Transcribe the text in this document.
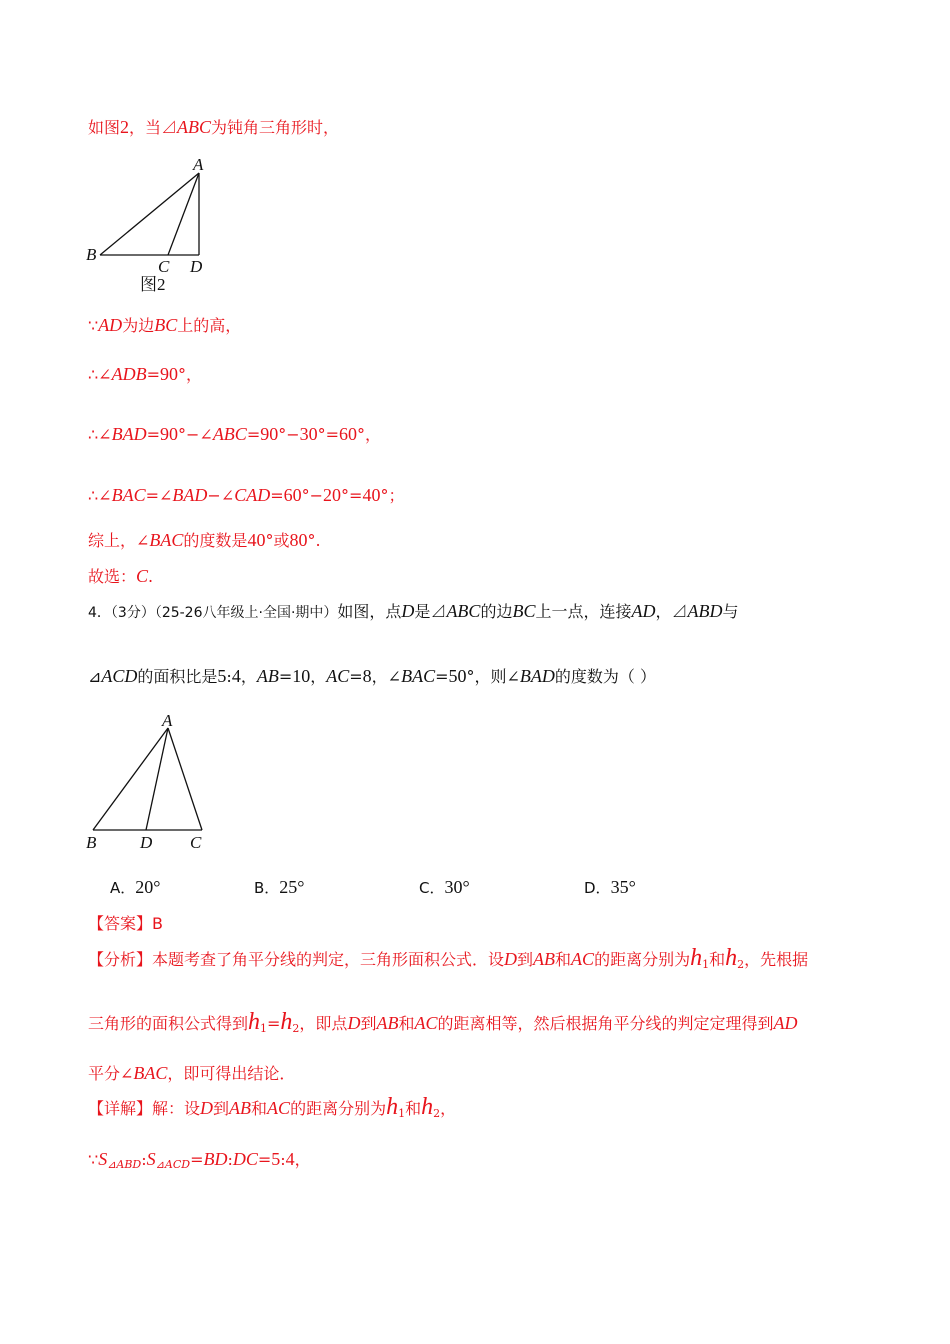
如图2，当⊿ABC为钝角三角形时，
A
B
C D
图2
∵AD为边BC上的高，
∴∠ADB=90°，
∴∠BAD=90°−∠ABC=90°−30°=60°，
∴∠BAC=∠BAD−∠CAD=60°−20°=40°；
综上，∠BAC的度数是40°或80°.
故选：C.
4．（3分）（25-26八年级上·全国·期中）如图，点D是⊿ABC的边BC上一点，连接AD，⊿ABD与
⊿ACD的面积比是5:4，AB=10，AC=8，∠BAC=50°，则∠BAD的度数为（ ）
A
B	D C
A．20°	B．25°	C．30°	D．35°
【答案】B
【分析】本题考查了角平分线的判定，三角形面积公式．设D到AB和AC的距离分别为$h_1$和$h_2$，先根据
三角形的面积公式得到$h_1=h_2$，即点D到AB和AC的距离相等，然后根据角平分线的判定定理得到AD
平分∠BAC，即可得出结论．
【详解】解：设D到AB和AC的距离分别为$h_1$和$h_2$，
$\because S_{⊿ABD}:S_{⊿ACD}=BD:DC=5:4$，
